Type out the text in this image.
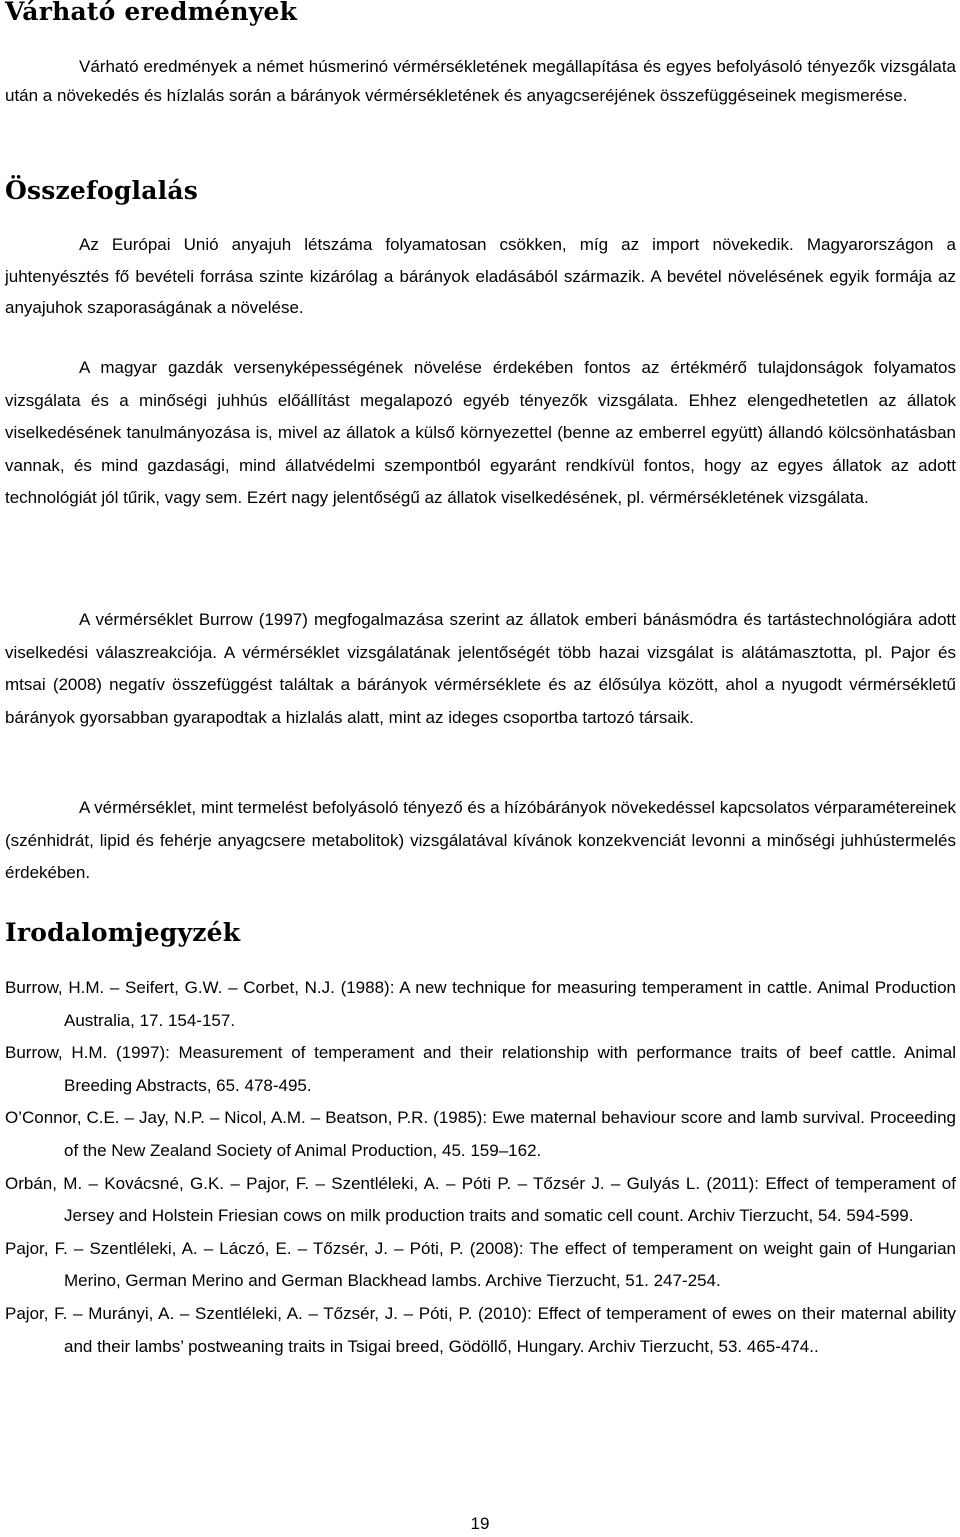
Várható eredmények

Várható eredmények a német húsmerinó vérmérsékletének megállapítása és egyes befolyásoló tényezők vizsgálata után a növekedés és hízlalás során a bárányok vérmérsékletének és anyagcseréjének összefüggéseinek megismerése.

Összefoglalás

Az Európai Unió anyajuh létszáma folyamatosan csökken, míg az import növekedik. Magyarországon a juhtenyésztés fő bevételi forrása szinte kizárólag a bárányok eladásából származik. A bevétel növelésének egyik formája az anyajuhok szaporaságának a növelése.

A magyar gazdák versenyképességének növelése érdekében fontos az értékmérő tulajdonságok folyamatos vizsgálata és a minőségi juhhús előállítást megalapozó egyéb tényezők vizsgálata. Ehhez elengedhetetlen az állatok viselkedésének tanulmányozása is, mivel az állatok a külső környezettel (benne az emberrel együtt) állandó kölcsönhatásban vannak, és mind gazdasági, mind állatvédelmi szempontból egyaránt rendkívül fontos, hogy az egyes állatok az adott technológiát jól tűrik, vagy sem. Ezért nagy jelentőségű az állatok viselkedésének, pl. vérmérsékletének vizsgálata.

A vérmérséklet Burrow (1997) megfogalmazása szerint az állatok emberi bánásmódra és tartástechnológiára adott viselkedési válaszreakciója. A vérmérséklet vizsgálatának jelentőségét több hazai vizsgálat is alátámasztotta, pl. Pajor és mtsai (2008) negatív összefüggést találtak a bárányok vérmérséklete és az élősúlya között, ahol a nyugodt vérmérsékletű bárányok gyorsabban gyarapodtak a hizlalás alatt, mint az ideges csoportba tartozó társaik.

A vérmérséklet, mint termelést befolyásoló tényező és a hízóbárányok növekedéssel kapcsolatos vérparamétereinek (szénhidrát, lipid és fehérje anyagcsere metabolitok) vizsgálatával kívánok konzekvenciát levonni a minőségi juhhústermelés érdekében.

Irodalomjegyzék
Burrow, H.M. – Seifert, G.W. – Corbet, N.J. (1988): A new technique for measuring temperament in cattle. Animal Production Australia, 17. 154-157.
Burrow, H.M. (1997): Measurement of temperament and their relationship with performance traits of beef cattle. Animal Breeding Abstracts, 65. 478-495.
O’Connor, C.E. – Jay, N.P. – Nicol, A.M. – Beatson, P.R. (1985): Ewe maternal behaviour score and lamb survival. Proceeding of the New Zealand Society of Animal Production, 45. 159–162.
Orbán, M. – Kovácsné, G.K. – Pajor, F. – Szentléleki, A. – Póti P. – Tőzsér J. – Gulyás L. (2011): Effect of temperament of Jersey and Holstein Friesian cows on milk production traits and somatic cell count. Archiv Tierzucht, 54. 594-599.
Pajor, F. – Szentléleki, A. – Láczó, E. – Tőzsér, J. – Póti, P. (2008): The effect of temperament on weight gain of Hungarian Merino, German Merino and German Blackhead lambs. Archive Tierzucht, 51. 247-254.
Pajor, F. – Murányi, A. – Szentléleki, A. – Tőzsér, J. – Póti, P. (2010): Effect of temperament of ewes on their maternal ability and their lambs’ postweaning traits in Tsigai breed, Gödöllő, Hungary. Archiv Tierzucht, 53. 465-474..
19
